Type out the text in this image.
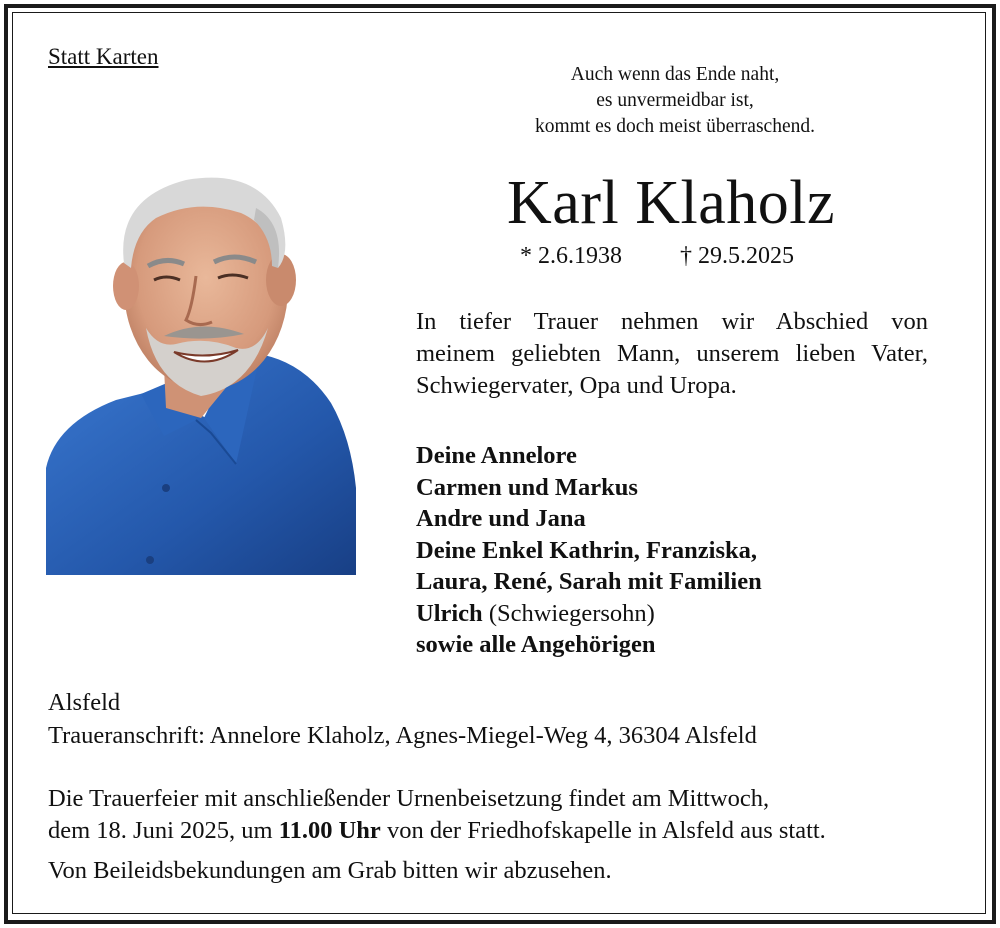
Statt Karten
Auch wenn das Ende naht,
es unvermeidbar ist,
kommt es doch meist überraschend.
Karl Klaholz
* 2.6.1938 † 29.5.2025
In tiefer Trauer nehmen wir Abschied von
meinem geliebten Mann, unserem lieben Vater,
Schwiegervater, Opa und Uropa.
Deine Annelore
Carmen und Markus
Andre und Jana
Deine Enkel Kathrin, Franziska,
Laura, René, Sarah mit Familien
Ulrich (Schwiegersohn)
sowie alle Angehörigen
Alsfeld
Traueranschrift: Annelore Klaholz, Agnes-Miegel-Weg 4, 36304 Alsfeld
Die Trauerfeier mit anschließender Urnenbeisetzung findet am Mittwoch,
dem 18. Juni 2025, um 11.00 Uhr von der Friedhofskapelle in Alsfeld aus statt.
Von Beileidsbekundungen am Grab bitten wir abzusehen.
